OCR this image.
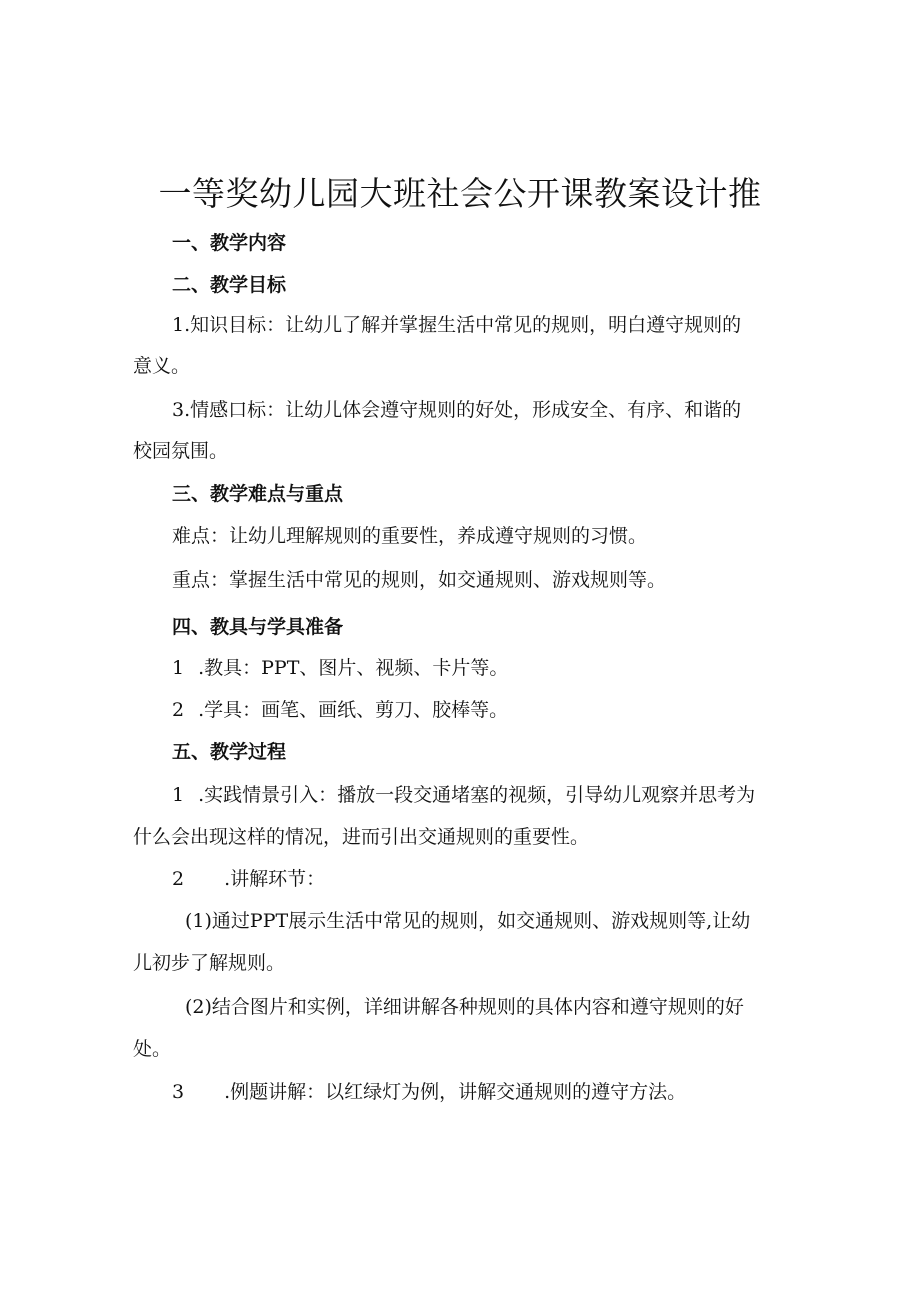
一等奖幼儿园大班社会公开课教案设计推
一、教学内容
二、教学目标
1.知识目标：让幼儿了解并掌握生活中常见的规则，明白遵守规则的
意义。
3.情感口标：让幼儿体会遵守规则的好处，形成安全、有序、和谐的
校园氛围。
三、教学难点与重点
难点：让幼儿理解规则的重要性，养成遵守规则的习惯。
重点：掌握生活中常见的规则，如交通规则、游戏规则等。
四、教具与学具准备
1 .教具：PPT、图片、视频、卡片等。
2 .学具：画笔、画纸、剪刀、胶棒等。
五、教学过程
1 .实践情景引入：播放一段交通堵塞的视频，引导幼儿观察并思考为
什么会出现这样的情况，进而引出交通规则的重要性。
2 .讲解环节：
(1)通过PPT展示生活中常见的规则，如交通规则、游戏规则等,让幼
儿初步了解规则。
(2)结合图片和实例，详细讲解各种规则的具体内容和遵守规则的好
处。
3 .例题讲解：以红绿灯为例，讲解交通规则的遵守方法。
